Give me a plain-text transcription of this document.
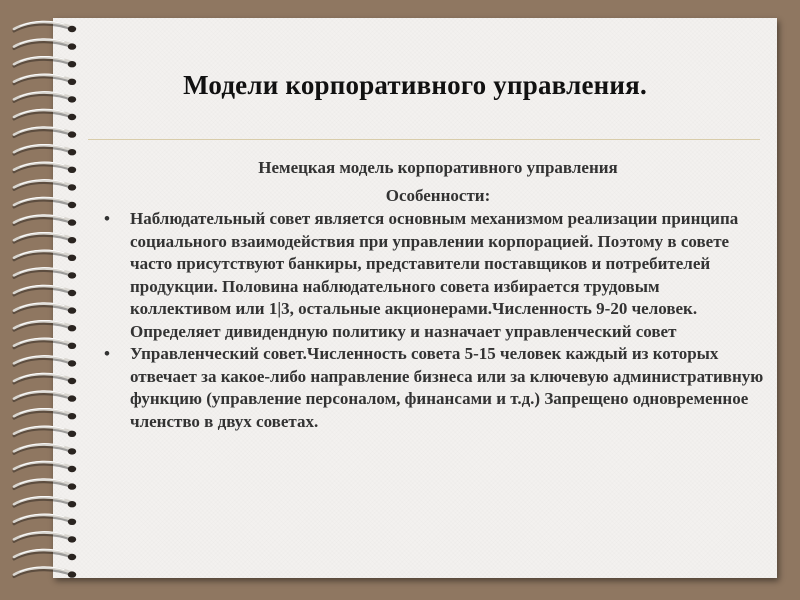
Модели корпоративного управления.
Немецкая модель корпоративного управления
Особенности:
• Наблюдательный совет является основным механизмом реализации принципа социального взаимодействия при управлении корпорацией. Поэтому в совете часто присутствуют банкиры, представители поставщиков и потребителей продукции. Половина наблюдательного совета избирается трудовым коллективом или 1|3, остальные акционерами.Численность 9-20 человек. Определяет дивидендную политику и назначает управленческий совет
• Управленческий совет.Численность совета 5-15 человек каждый из которых отвечает за какое-либо направление бизнеса или за ключевую административную функцию (управление персоналом, финансами и т.д.) Запрещено одновременное членство в двух советах.
